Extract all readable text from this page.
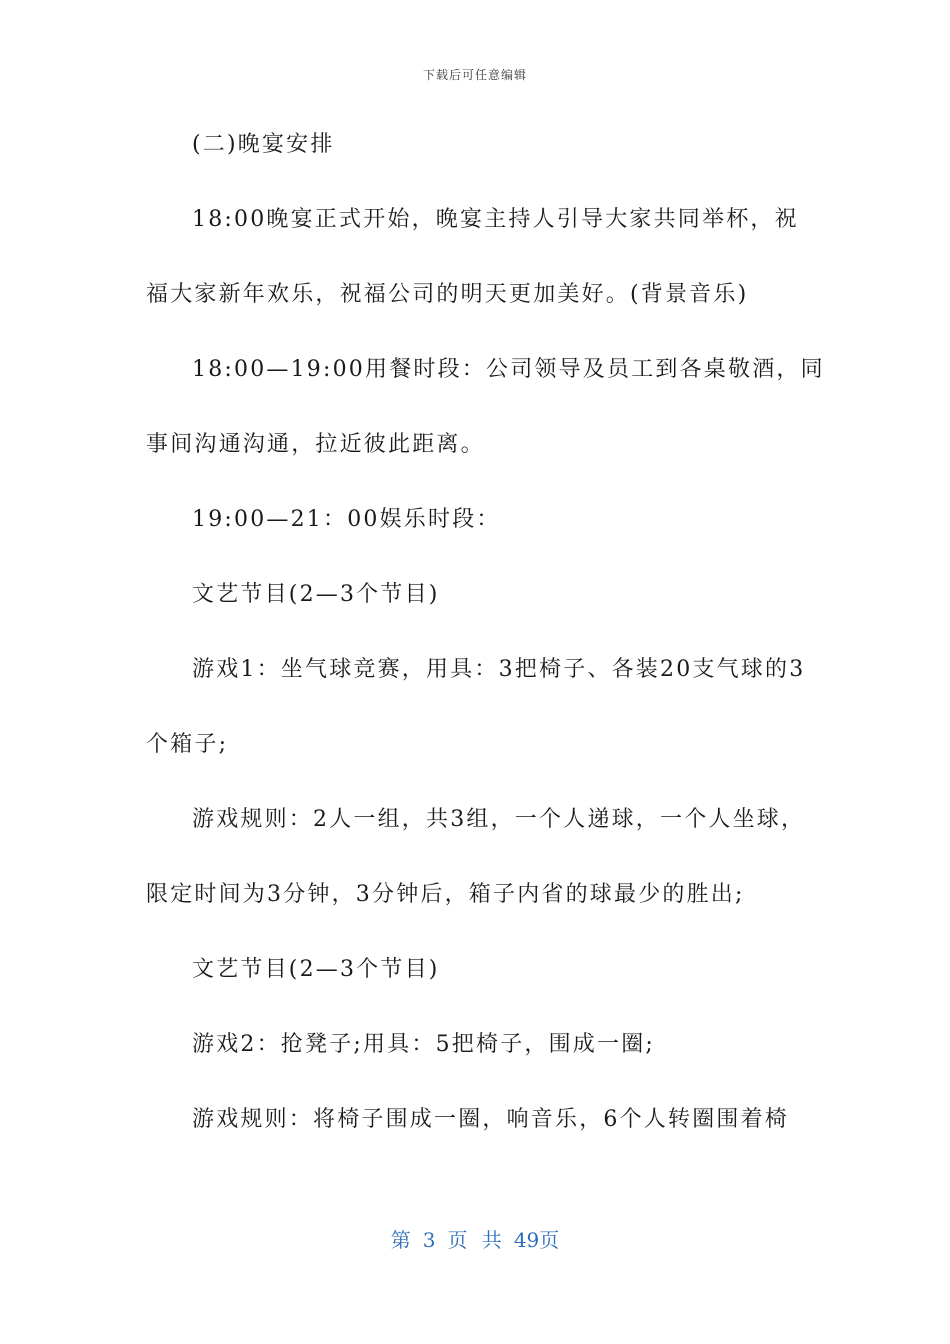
下载后可任意编辑
(二)晚宴安排
18:00晚宴正式开始，晚宴主持人引导大家共同举杯，祝
福大家新年欢乐，祝福公司的明天更加美好。(背景音乐)
18:00—19:00用餐时段：公司领导及员工到各桌敬酒，同
事间沟通沟通，拉近彼此距离。
19:00—21：00娱乐时段：
文艺节目(2—3个节目)
游戏1：坐气球竞赛，用具：3把椅子、各装20支气球的3
个箱子;
游戏规则：2人一组，共3组，一个人递球，一个人坐球，
限定时间为3分钟，3分钟后，箱子内省的球最少的胜出;
文艺节目(2—3个节目)
游戏2：抢凳子;用具：5把椅子，围成一圈;
游戏规则：将椅子围成一圈，响音乐，6个人转圈围着椅
第 3 页 共 49页
